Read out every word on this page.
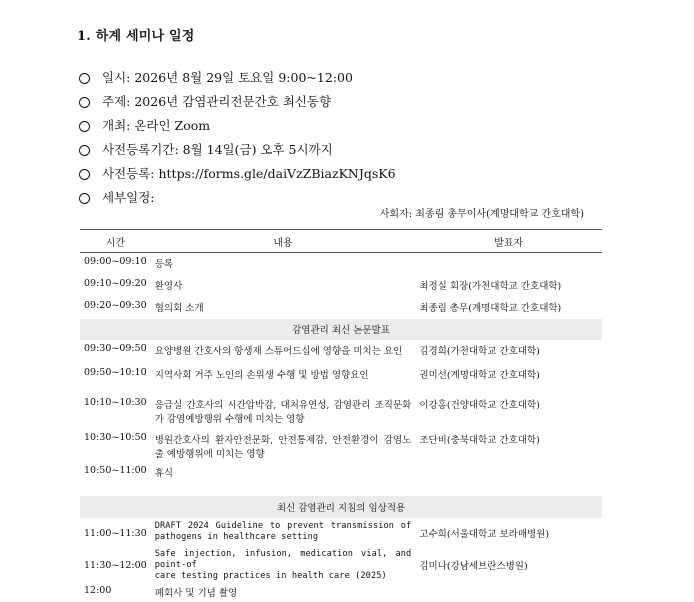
1. 하계 세미나 일정
일시: 2026년 8월 29일 토요일 9:00~12:00
주제: 2026년 감염관리전문간호 최신동향
개최: 온라인 Zoom
사전등록기간: 8월 14일(금) 오후 5시까지
사전등록: https://forms.gle/daiVzZBiazKNJqsK6
세부일정:
사회자: 최종림 총무이사(계명대학교 간호대학)
시간	내용	발표자
09:00~09:10	등록	
09:10~09:20	환영사	최정실 회장(가천대학교 간호대학)
09:20~09:30	협의회 소개	최종림 총무(계명대학교 간호대학)
감염관리 최신 논문발표		
09:30~09:50	요양병원 간호사의 항생제 스튜어드십에 영향을 미치는 요인	김경희(가천대학교 간호대학)
09:50~10:10	지역사회 거주 노인의 손위생 수행 및 방법 영향요인	권미선(계명대학교 간호대학)
10:10~10:30	응급실 간호사의 시간압박감, 대처유연성, 감염관리 조직문화
가 감염예방행위 수행에 미치는 영향	이강홍(건양대학교 간호대학)
10:30~10:50	병원간호사의 환자안전문화, 안전통제감, 안전환경이 감염노
출 예방행위에 미치는 영향	조단비(충북대학교 간호대학)
10:50~11:00	휴식	

최신 감염관리 지침의 임상적용		
11:00~11:30	DRAFT 2024 Guideline to prevent transmission of
pathogens in healthcare setting	고수희(서울대학교 보라매병원)
11:30~12:00	Safe injection, infusion, medication vial, and point-of
care testing practices in health care (2025)	김미나(강남세브란스병원)
12:00	폐회사 및 기념 촬영	
